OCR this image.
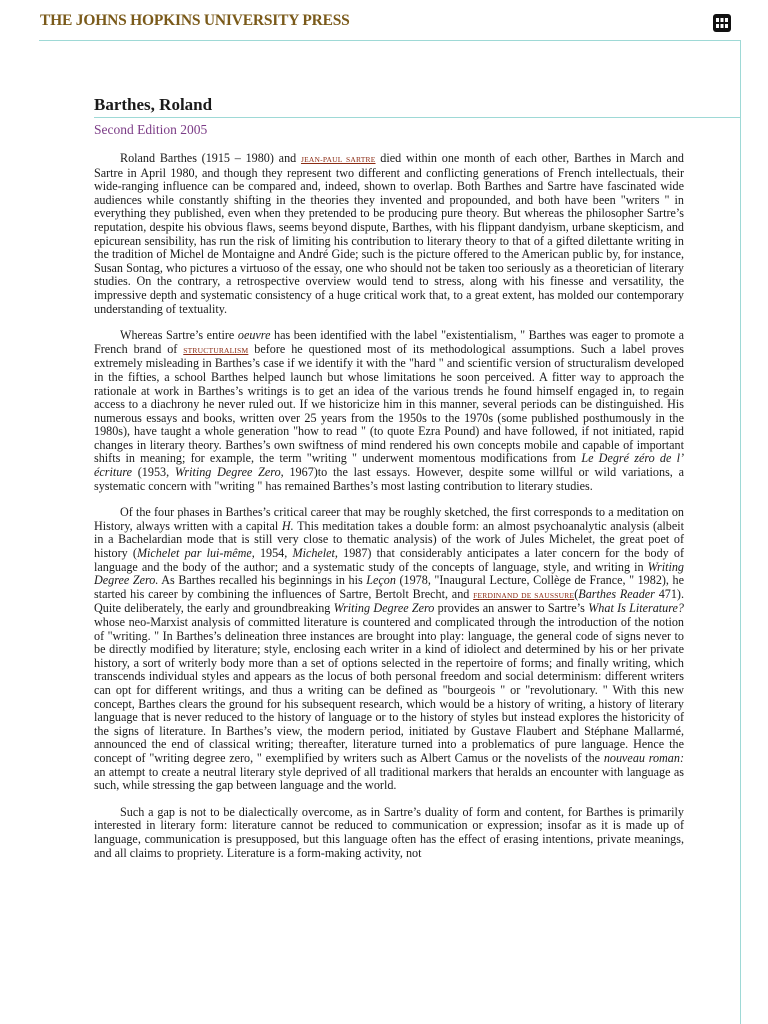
THE JOHNS HOPKINS UNIVERSITY PRESS
Barthes, Roland
Second Edition 2005

Roland Barthes (1915 – 1980) and JEAN-PAUL SARTRE died within one month of each other, Barthes in March and Sartre in April 1980, and though they represent two different and conflicting generations of French intellectuals, their wide-ranging influence can be compared and, indeed, shown to overlap. Both Barthes and Sartre have fascinated wide audiences while constantly shifting in the theories they invented and propounded, and both have been "writers " in everything they published, even when they pretended to be producing pure theory. But whereas the philosopher Sartre’s reputation, despite his obvious flaws, seems beyond dispute, Barthes, with his flippant dandyism, urbane skepticism, and epicurean sensibility, has run the risk of limiting his contribution to literary theory to that of a gifted dilettante writing in the tradition of Michel de Montaigne and André Gide; such is the picture offered to the American public by, for instance, Susan Sontag, who pictures a virtuoso of the essay, one who should not be taken too seriously as a theoretician of literary studies. On the contrary, a retrospective overview would tend to stress, along with his finesse and versatility, the impressive depth and systematic consistency of a huge critical work that, to a great extent, has molded our contemporary understanding of textuality.

Whereas Sartre’s entire oeuvre has been identified with the label "existentialism, " Barthes was eager to promote a French brand of STRUCTURALISM before he questioned most of its methodological assumptions. Such a label proves extremely misleading in Barthes’s case if we identify it with the "hard " and scientific version of structuralism developed in the fifties, a school Barthes helped launch but whose limitations he soon perceived. A fitter way to approach the rationale at work in Barthes’s writings is to get an idea of the various trends he found himself engaged in, to regain access to a diachrony he never ruled out. If we historicize him in this manner, several periods can be distinguished. His numerous essays and books, written over 25 years from the 1950s to the 1970s (some published posthumously in the 1980s), have taught a whole generation "how to read " (to quote Ezra Pound) and have followed, if not initiated, rapid changes in literary theory. Barthes’s own swiftness of mind rendered his own concepts mobile and capable of important shifts in meaning; for example, the term "writing " underwent momentous modifications from Le Degré zéro de l’ écriture (1953, Writing Degree Zero, 1967)to the last essays. However, despite some willful or wild variations, a systematic concern with "writing " has remained Barthes’s most lasting contribution to literary studies.

Of the four phases in Barthes’s critical career that may be roughly sketched, the first corresponds to a meditation on History, always written with a capital H. This meditation takes a double form: an almost psychoanalytic analysis (albeit in a Bachelardian mode that is still very close to thematic analysis) of the work of Jules Michelet, the great poet of history (Michelet par lui-même, 1954, Michelet, 1987) that considerably anticipates a later concern for the body of language and the body of the author; and a systematic study of the concepts of language, style, and writing in Writing Degree Zero. As Barthes recalled his beginnings in his Leçon (1978, "Inaugural Lecture, Collège de France, " 1982), he started his career by combining the influences of Sartre, Bertolt Brecht, and FERDINAND DE SAUSSURE(Barthes Reader 471). Quite deliberately, the early and groundbreaking Writing Degree Zero provides an answer to Sartre’s What Is Literature? whose neo-Marxist analysis of committed literature is countered and complicated through the introduction of the notion of "writing. " In Barthes’s delineation three instances are brought into play: language, the general code of signs never to be directly modified by literature; style, enclosing each writer in a kind of idiolect and determined by his or her private history, a sort of writerly body more than a set of options selected in the repertoire of forms; and finally writing, which transcends individual styles and appears as the locus of both personal freedom and social determinism: different writers can opt for different writings, and thus a writing can be defined as "bourgeois " or "revolutionary. " With this new concept, Barthes clears the ground for his subsequent research, which would be a history of writing, a history of literary language that is never reduced to the history of language or to the history of styles but instead explores the historicity of the signs of literature. In Barthes’s view, the modern period, initiated by Gustave Flaubert and Stéphane Mallarmé, announced the end of classical writing; thereafter, literature turned into a problematics of pure language. Hence the concept of "writing degree zero, " exemplified by writers such as Albert Camus or the novelists of the nouveau roman: an attempt to create a neutral literary style deprived of all traditional markers that heralds an encounter with language as such, while stressing the gap between language and the world.

Such a gap is not to be dialectically overcome, as in Sartre’s duality of form and content, for Barthes is primarily interested in literary form: literature cannot be reduced to communication or expression; insofar as it is made up of language, communication is presupposed, but this language often has the effect of erasing intentions, private meanings, and all claims to propriety. Literature is a form-making activity, not
